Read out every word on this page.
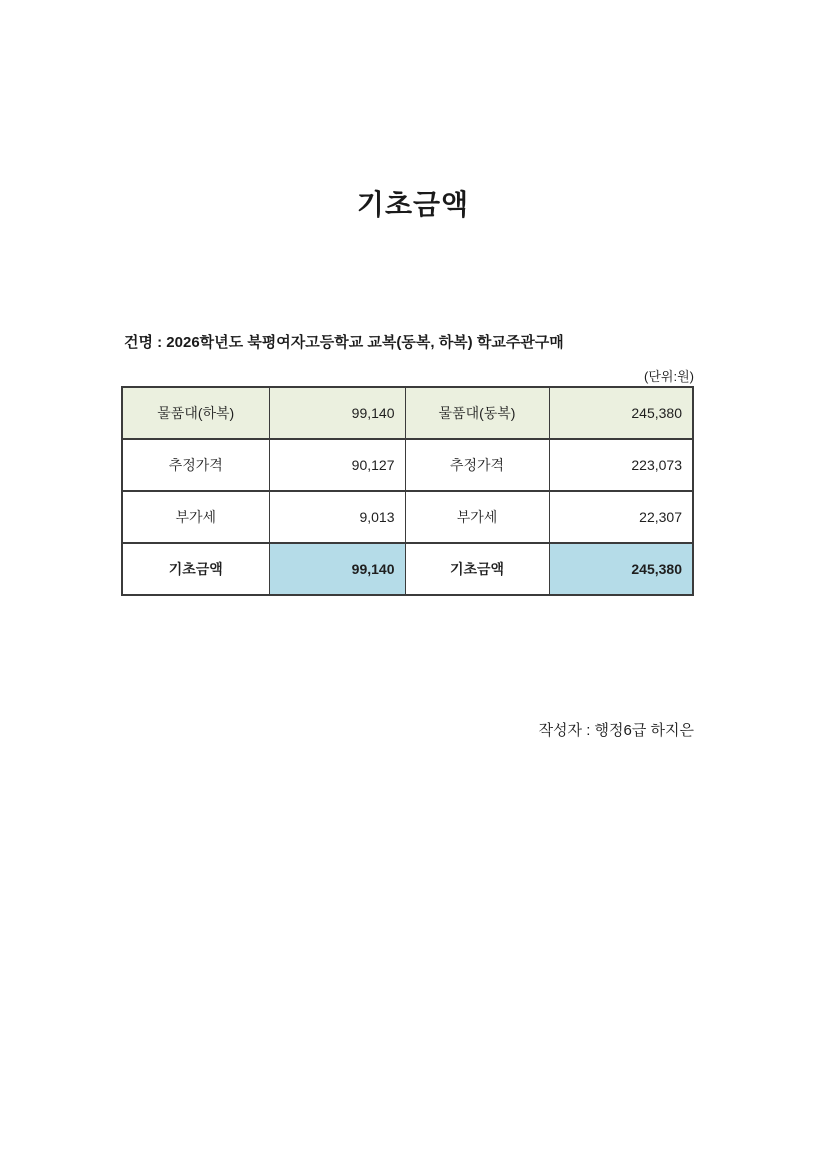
기초금액
건명 : 2026학년도 북평여자고등학교 교복(동복, 하복) 학교주관구매
(단위:원)
물품대(하복)	99,140	물품대(동복)	245,380
추정가격	90,127	추정가격	223,073
부가세	9,013	부가세	22,307
기초금액	99,140	기초금액	245,380
작성자 : 행정6급 하지은
